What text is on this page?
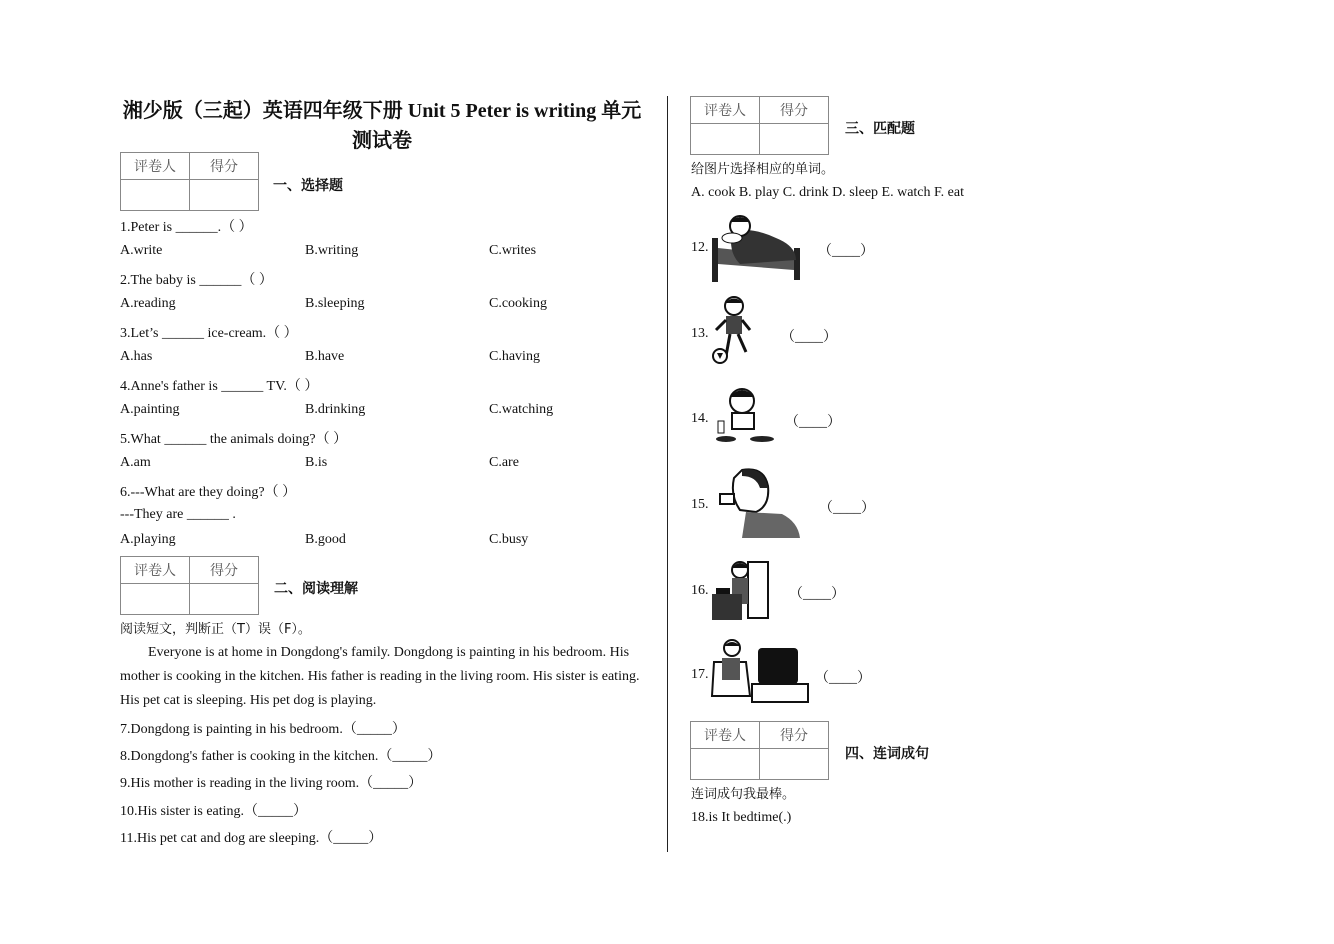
湘少版（三起）英语四年级下册 Unit 5 Peter is writing 单元
测试卷
评卷人	得分

一、选择题
1.Peter is ______.（ ）
A.write	B.writing	C.writes
2.The baby is ______（ ）
A.reading	B.sleeping	C.cooking
3.Let’s ______ ice-cream.（ ）
A.has	B.have	C.having
4.Anne's father is ______ TV.（ ）
A.painting	B.drinking	C.watching
5.What ______ the animals doing?（ ）
A.am	B.is	C.are
6.---What are they doing?（ ）
---They are ______ .
A.playing	B.good	C.busy
评卷人	得分

二、阅读理解
阅读短文，判断正（T）误（F）。
Everyone is at home in Dongdong's family. Dongdong is painting in his bedroom. His
mother is cooking in the kitchen. His father is reading in the living room. His sister is eating.
His pet cat is sleeping. His pet dog is playing.
7.Dongdong is painting in his bedroom.（_____）
8.Dongdong's father is cooking in the kitchen.（_____）
9.His mother is reading in the living room.（_____）
10.His sister is eating.（_____）
11.His pet cat and dog are sleeping.（_____）
评卷人	得分

三、匹配题
给图片选择相应的单词。
A. cook B. play C. drink D. sleep E. watch F. eat
12.	（____）
13.	（____）
14.	（____）
15.	（____）
16.	（____）
17.	（____）
评卷人	得分

四、连词成句
连词成句我最棒。
18.is It bedtime(.)
